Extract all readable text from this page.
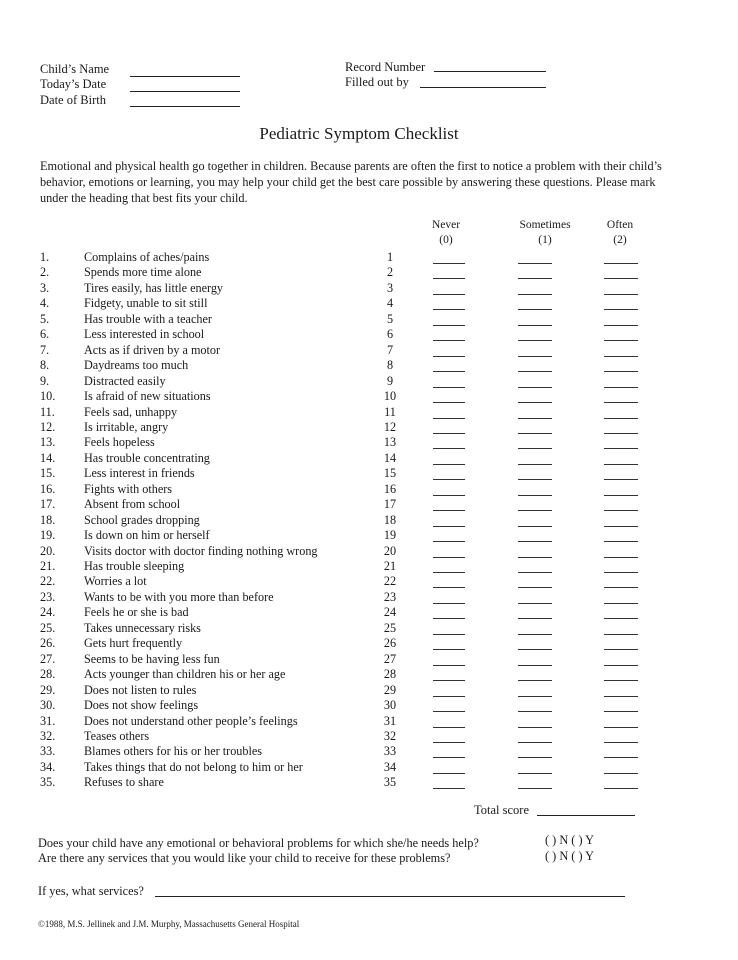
Child’s Name
Today’s Date
Date of Birth
Record Number
Filled out by
Pediatric Symptom Checklist
Emotional and physical health go together in children. Because parents are often the first to notice a problem with their child’s behavior, emotions or learning, you may help your child get the best care possible by answering these questions. Please mark under the heading that best fits your child.
Never
(0)
Sometimes
(1)
Often
(2)
1.	Complains of aches/pains	1
2.	Spends more time alone	2
3.	Tires easily, has little energy	3
4.	Fidgety, unable to sit still	4
5.	Has trouble with a teacher	5
6.	Less interested in school	6
7.	Acts as if driven by a motor	7
8.	Daydreams too much	8
9.	Distracted easily	9
10. Is afraid of new situations	10
11. Feels sad, unhappy	11
12. Is irritable, angry	12
13. Feels hopeless	13
14. Has trouble concentrating	14
15. Less interest in friends	15
16. Fights with others	16
17. Absent from school	17
18. School grades dropping	18
19. Is down on him or herself	19
20. Visits doctor with doctor finding nothing wrong	20
21. Has trouble sleeping	21
22. Worries a lot	22
23. Wants to be with you more than before	23
24. Feels he or she is bad	24
25. Takes unnecessary risks	25
26. Gets hurt frequently	26
27. Seems to be having less fun	27
28. Acts younger than children his or her age	28
29. Does not listen to rules	29
30. Does not show feelings	30
31. Does not understand other people’s feelings	31
32. Teases others	32
33. Blames others for his or her troubles	33
34. Takes things that do not belong to him or her	34
35. Refuses to share	35
Total score
Does your child have any emotional or behavioral problems for which she/he needs help?	( ) N ( ) Y
Are there any services that you would like your child to receive for these problems?	( ) N ( ) Y
If yes, what services?
©1988, M.S. Jellinek and J.M. Murphy, Massachusetts General Hospital
